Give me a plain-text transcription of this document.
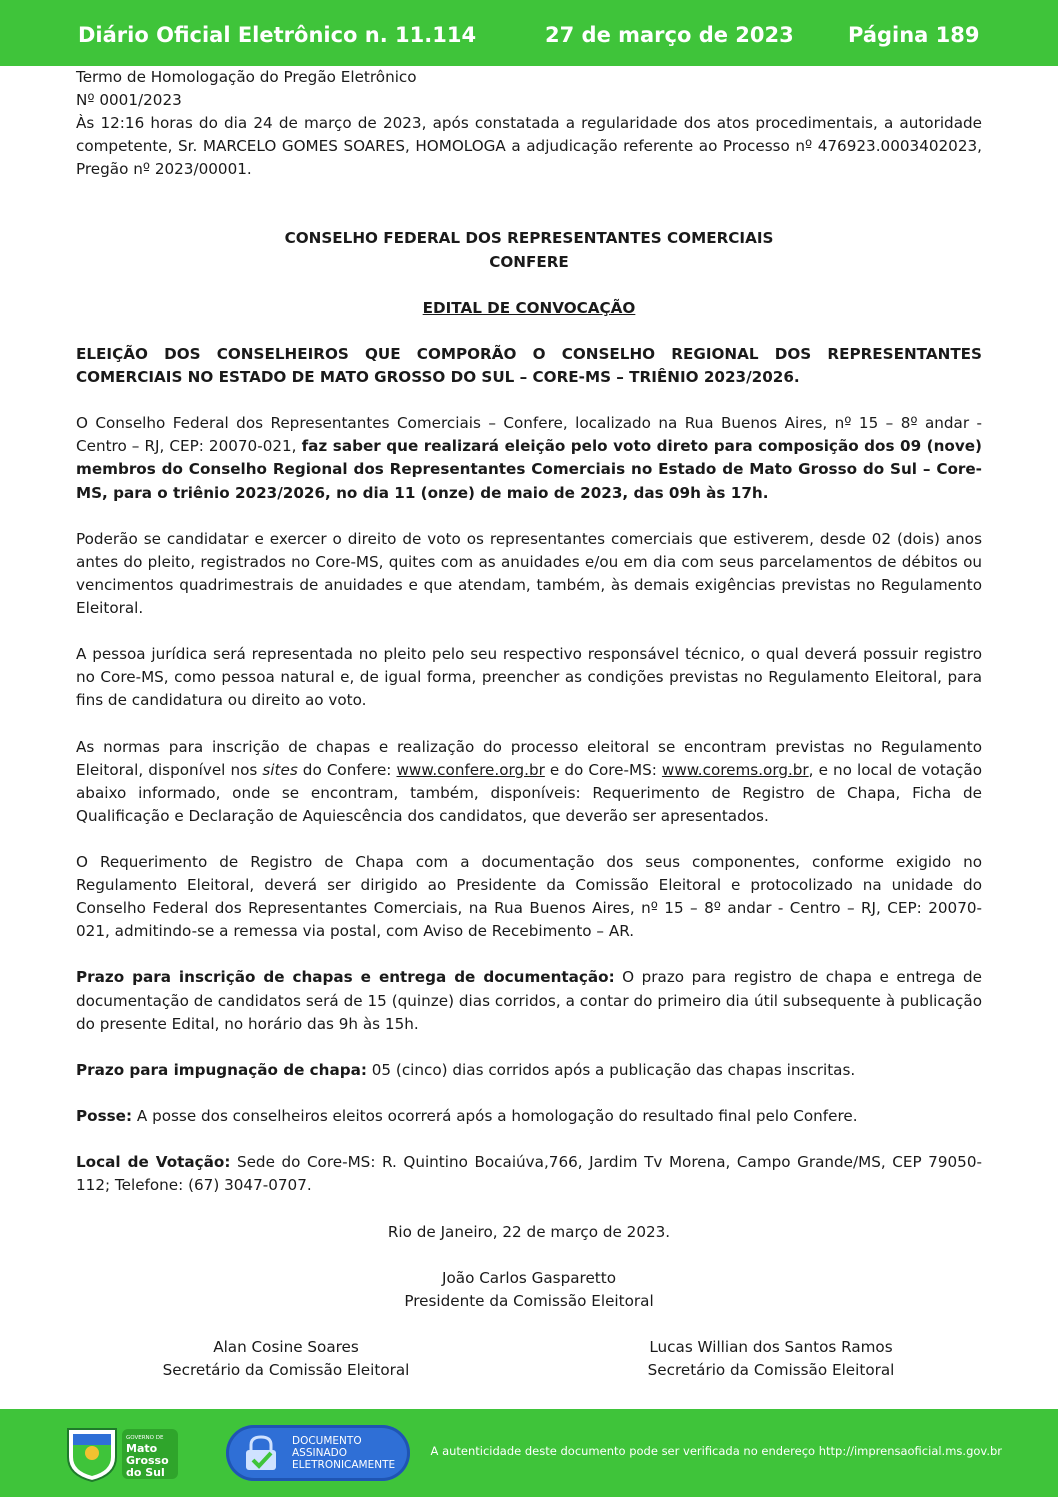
Diário Oficial Eletrônico n. 11.114	27 de março de 2023	Página 189

Termo de Homologação do Pregão Eletrônico

Nº 0001/2023

Às 12:16 horas do dia 24 de março de 2023, após constatada a regularidade dos atos procedimentais, a autoridade competente, Sr. MARCELO GOMES SOARES, HOMOLOGA a adjudicação referente ao Processo nº 476923.0003402023, Pregão nº 2023/00001.

CONSELHO FEDERAL DOS REPRESENTANTES COMERCIAIS

CONFERE

EDITAL DE CONVOCAÇÃO

ELEIÇÃO DOS CONSELHEIROS QUE COMPORÃO O CONSELHO REGIONAL DOS REPRESENTANTES COMERCIAIS NO ESTADO DE MATO GROSSO DO SUL – CORE-MS – TRIÊNIO 2023/2026.

O Conselho Federal dos Representantes Comerciais – Confere, localizado na Rua Buenos Aires, nº 15 – 8º andar - Centro – RJ, CEP: 20070-021, faz saber que realizará eleição pelo voto direto para composição dos 09 (nove) membros do Conselho Regional dos Representantes Comerciais no Estado de Mato Grosso do Sul – Core-MS, para o triênio 2023/2026, no dia 11 (onze) de maio de 2023, das 09h às 17h.

Poderão se candidatar e exercer o direito de voto os representantes comerciais que estiverem, desde 02 (dois) anos antes do pleito, registrados no Core-MS, quites com as anuidades e/ou em dia com seus parcelamentos de débitos ou vencimentos quadrimestrais de anuidades e que atendam, também, às demais exigências previstas no Regulamento Eleitoral.

A pessoa jurídica será representada no pleito pelo seu respectivo responsável técnico, o qual deverá possuir registro no Core-MS, como pessoa natural e, de igual forma, preencher as condições previstas no Regulamento Eleitoral, para fins de candidatura ou direito ao voto.

As normas para inscrição de chapas e realização do processo eleitoral se encontram previstas no Regulamento Eleitoral, disponível nos sites do Confere: www.confere.org.br e do Core-MS: www.corems.org.br, e no local de votação abaixo informado, onde se encontram, também, disponíveis: Requerimento de Registro de Chapa, Ficha de Qualificação e Declaração de Aquiescência dos candidatos, que deverão ser apresentados.

O Requerimento de Registro de Chapa com a documentação dos seus componentes, conforme exigido no Regulamento Eleitoral, deverá ser dirigido ao Presidente da Comissão Eleitoral e protocolizado na unidade do Conselho Federal dos Representantes Comerciais, na Rua Buenos Aires, nº 15 – 8º andar - Centro – RJ, CEP: 20070-021, admitindo-se a remessa via postal, com Aviso de Recebimento – AR.

Prazo para inscrição de chapas e entrega de documentação: O prazo para registro de chapa e entrega de documentação de candidatos será de 15 (quinze) dias corridos, a contar do primeiro dia útil subsequente à publicação do presente Edital, no horário das 9h às 15h.

Prazo para impugnação de chapa: 05 (cinco) dias corridos após a publicação das chapas inscritas.

Posse: A posse dos conselheiros eleitos ocorrerá após a homologação do resultado final pelo Confere.

Local de Votação: Sede do Core-MS: R. Quintino Bocaiúva,766, Jardim Tv Morena, Campo Grande/MS, CEP 79050-112; Telefone: (67) 3047-0707.

Rio de Janeiro, 22 de março de 2023.

João Carlos Gasparetto

Presidente da Comissão Eleitoral

Alan Cosine Soares
Secretário da Comissão Eleitoral
Lucas Willian dos Santos Ramos
Secretário da Comissão Eleitoral
GOVERNO DE
Mato
Grosso
do Sul
DOCUMENTO ASSINADO ELETRONICAMENTE
A autenticidade deste documento pode ser verificada no endereço http://imprensaoficial.ms.gov.br
